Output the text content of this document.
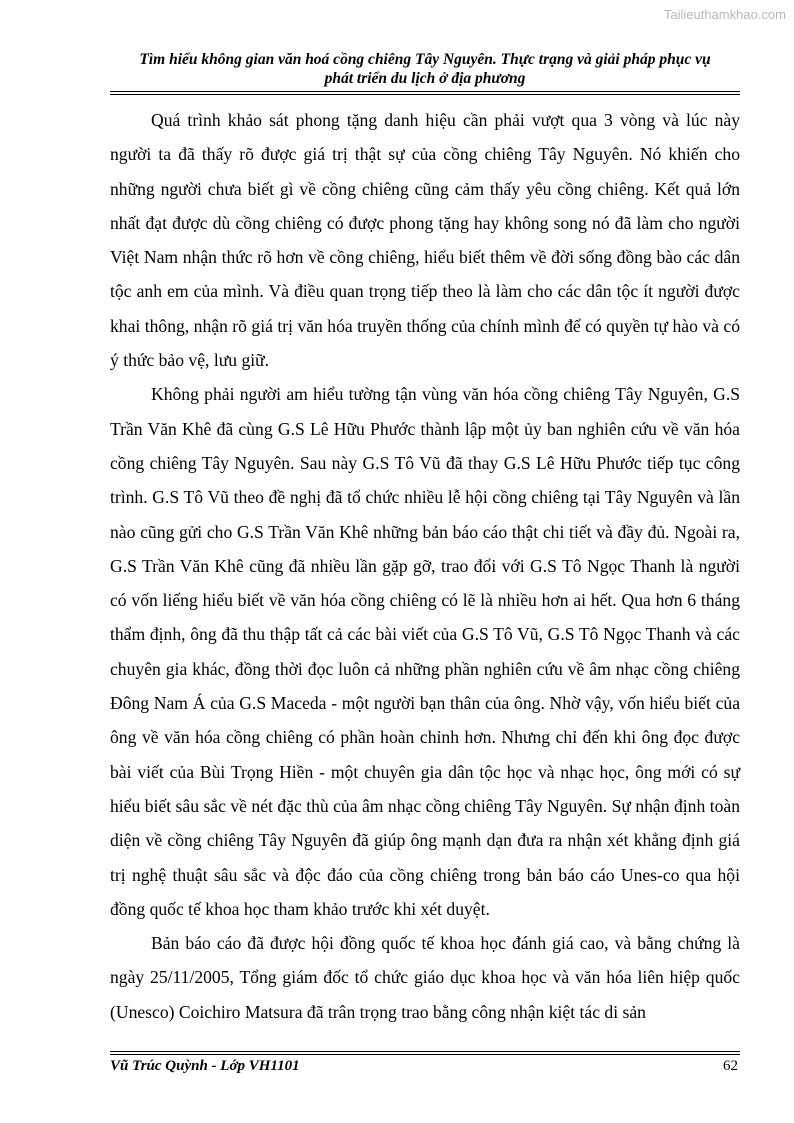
Tailieuthamkhao.com
Tìm hiểu không gian văn hoá cồng chiêng Tây Nguyên. Thực trạng và giải pháp phục vụ
phát triển du lịch ở địa phương

Quá trình khảo sát phong tặng danh hiệu cần phải vượt qua 3 vòng và lúc này người ta đã thấy rõ được giá trị thật sự của cồng chiêng Tây Nguyên. Nó khiến cho những người chưa biết gì về cồng chiêng cũng cảm thấy yêu cồng chiêng. Kết quả lớn nhất đạt được dù cồng chiêng có được phong tặng hay không song nó đã làm cho người Việt Nam nhận thức rõ hơn về cồng chiêng, hiểu biết thêm về đời sống đồng bào các dân tộc anh em của mình. Và điều quan trọng tiếp theo là làm cho các dân tộc ít người được khai thông, nhận rõ giá trị văn hóa truyền thống của chính mình để có quyền tự hào và có ý thức bảo vệ, lưu giữ.

Không phải người am hiểu tường tận vùng văn hóa cồng chiêng Tây Nguyên, G.S Trần Văn Khê đã cùng G.S Lê Hữu Phước thành lập một ủy ban nghiên cứu về văn hóa cồng chiêng Tây Nguyên. Sau này G.S Tô Vũ đã thay G.S Lê Hữu Phước tiếp tục công trình. G.S Tô Vũ theo đề nghị đã tổ chức nhiều lễ hội cồng chiêng tại Tây Nguyên và lần nào cũng gửi cho G.S Trần Văn Khê những bản báo cáo thật chi tiết và đầy đủ. Ngoài ra, G.S Trần Văn Khê cũng đã nhiều lần gặp gỡ, trao đổi với G.S Tô Ngọc Thanh là người có vốn liếng hiểu biết về văn hóa cồng chiêng có lẽ là nhiều hơn ai hết. Qua hơn 6 tháng thẩm định, ông đã thu thập tất cả các bài viết của G.S Tô Vũ, G.S Tô Ngọc Thanh và các chuyên gia khác, đồng thời đọc luôn cả những phần nghiên cứu về âm nhạc cồng chiêng Đông Nam Á của G.S Maceda - một người bạn thân của ông. Nhờ vậy, vốn hiểu biết của ông về văn hóa cồng chiêng có phần hoàn chỉnh hơn. Nhưng chỉ đến khi ông đọc được bài viết của Bùi Trọng Hiền - một chuyên gia dân tộc học và nhạc học, ông mới có sự hiểu biết sâu sắc về nét đặc thù của âm nhạc cồng chiêng Tây Nguyên. Sự nhận định toàn diện về cồng chiêng Tây Nguyên đã giúp ông mạnh dạn đưa ra nhận xét khẳng định giá trị nghệ thuật sâu sắc và độc đáo của cồng chiêng trong bản báo cáo Unes-co qua hội đồng quốc tế khoa học tham khảo trước khi xét duyệt.

Bản báo cáo đã được hội đồng quốc tế khoa học đánh giá cao, và bằng chứng là ngày 25/11/2005, Tổng giám đốc tổ chức giáo dục khoa học và văn hóa liên hiệp quốc (Unesco) Coichiro Matsura đã trân trọng trao bằng công nhận kiệt tác di sản

Vũ Trúc Quỳnh - Lớp VH1101	62
